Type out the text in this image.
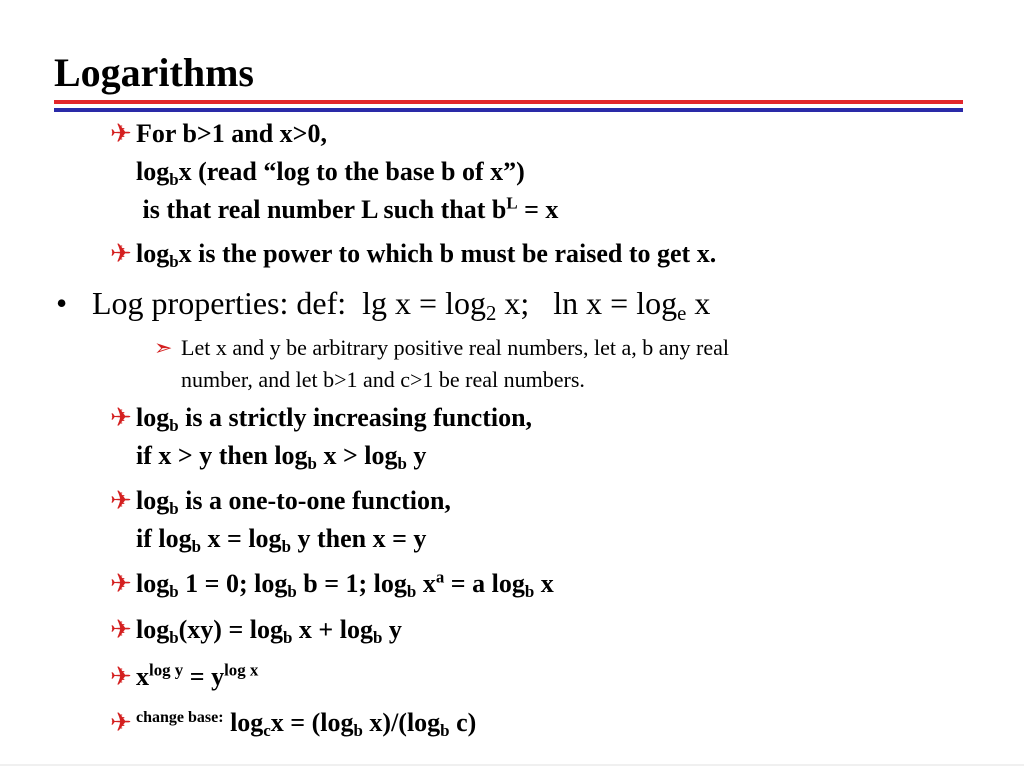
Logarithms
✈ For b>1 and x>0,
$\log_bx$ (read “log to the base b of x”)
is that real number L such that $b^L = x$
✈ $\log_bx$ is the power to which b must be raised to get x.
• Log properties: def:  $\lg x = \log_2 x$;   $\ln x = \log_e x$
➣ Let x and y be arbitrary positive real numbers, let a, b any real
number, and let b>1 and c>1 be real numbers.
✈ $\log_b$ is a strictly increasing function,
if x > y then $\log_b x > \log_b y$
✈ $\log_b$ is a one-to-one function,
if $\log_b x = \log_b y$ then x = y
✈ $\log_b 1 = 0$; $\log_b b = 1$; $\log_b x^a = a$ $\log_b x$
✈ $\log_b(xy) = \log_b x + \log_b y$
✈ $x^{log y} = y^{log x}$
✈ $^{change base:}$ $\log_cx = (\log_b$ $x)/(\log_b$ c)
